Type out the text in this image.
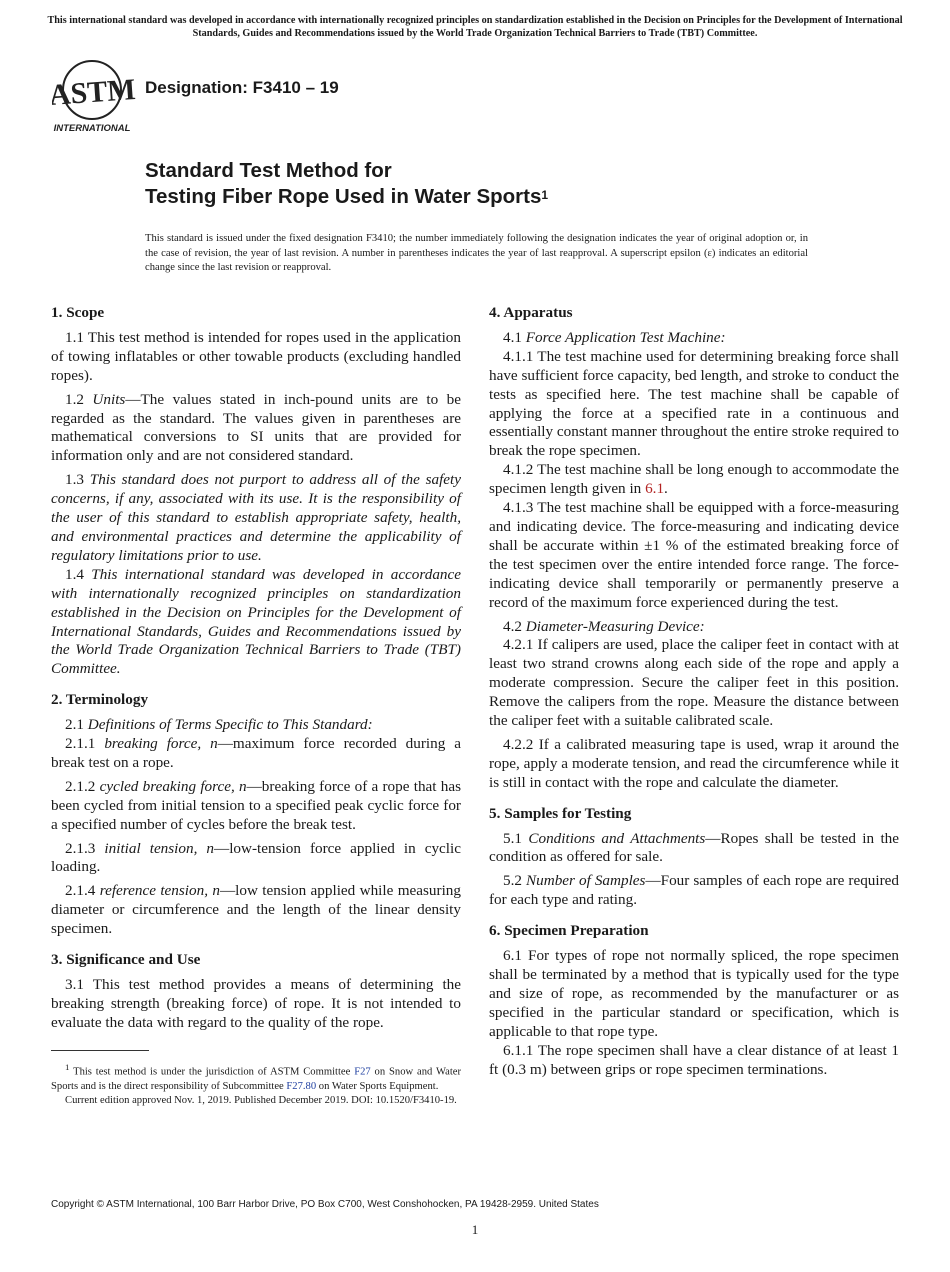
This international standard was developed in accordance with internationally recognized principles on standardization established in the Decision on Principles for the Development of International Standards, Guides and Recommendations issued by the World Trade Organization Technical Barriers to Trade (TBT) Committee.
ASTM
INTERNATIONAL
Designation: F3410 – 19
Standard Test Method for
Testing Fiber Rope Used in Water Sports$^1$
This standard is issued under the fixed designation F3410; the number immediately following the designation indicates the year of original adoption or, in the case of revision, the year of last revision. A number in parentheses indicates the year of last reapproval. A superscript epsilon (ε) indicates an editorial change since the last revision or reapproval.
1. Scope

1.1 This test method is intended for ropes used in the application of towing inflatables or other towable products (excluding handled ropes).

1.2 Units—The values stated in inch-pound units are to be regarded as the standard. The values given in parentheses are mathematical conversions to SI units that are provided for information only and are not considered standard.

1.3 This standard does not purport to address all of the safety concerns, if any, associated with its use. It is the responsibility of the user of this standard to establish appropriate safety, health, and environmental practices and determine the applicability of regulatory limitations prior to use.

1.4 This international standard was developed in accordance with internationally recognized principles on standardization established in the Decision on Principles for the Development of International Standards, Guides and Recommendations issued by the World Trade Organization Technical Barriers to Trade (TBT) Committee.

2. Terminology

2.1 Definitions of Terms Specific to This Standard:

2.1.1 breaking force, n—maximum force recorded during a break test on a rope.

2.1.2 cycled breaking force, n—breaking force of a rope that has been cycled from initial tension to a specified peak cyclic force for a specified number of cycles before the break test.

2.1.3 initial tension, n—low-tension force applied in cyclic loading.

2.1.4 reference tension, n—low tension applied while measuring diameter or circumference and the length of the linear density specimen.

3. Significance and Use

3.1 This test method provides a means of determining the breaking strength (breaking force) of rope. It is not intended to evaluate the data with regard to the quality of the rope.

4. Apparatus

4.1 Force Application Test Machine:

4.1.1 The test machine used for determining breaking force shall have sufficient force capacity, bed length, and stroke to conduct the tests as specified here. The test machine shall be capable of applying the force at a specified rate in a continuous and essentially constant manner throughout the entire stroke required to break the rope specimen.

4.1.2 The test machine shall be long enough to accommodate the specimen length given in 6.1.

4.1.3 The test machine shall be equipped with a force-measuring and indicating device. The force-measuring and indicating device shall be accurate within ±1 % of the estimated breaking force of the test specimen over the entire intended force range. The force-indicating device shall temporarily or permanently preserve a record of the maximum force experienced during the test.

4.2 Diameter-Measuring Device:

4.2.1 If calipers are used, place the caliper feet in contact with at least two strand crowns along each side of the rope and apply a moderate compression. Secure the caliper feet in this position. Remove the calipers from the rope. Measure the distance between the caliper feet with a suitable calibrated scale.

4.2.2 If a calibrated measuring tape is used, wrap it around the rope, apply a moderate tension, and read the circumference while it is still in contact with the rope and calculate the diameter.

5. Samples for Testing

5.1 Conditions and Attachments—Ropes shall be tested in the condition as offered for sale.

5.2 Number of Samples—Four samples of each rope are required for each type and rating.

6. Specimen Preparation

6.1 For types of rope not normally spliced, the rope specimen shall be terminated by a method that is typically used for the type and size of rope, as recommended by the manufacturer or as specified in the particular standard or specification, which is applicable to that rope type.

6.1.1 The rope specimen shall have a clear distance of at least 1 ft (0.3 m) between grips or rope specimen terminations.

$^1$ This test method is under the jurisdiction of ASTM Committee F27 on Snow and Water Sports and is the direct responsibility of Subcommittee F27.80 on Water Sports Equipment.

Current edition approved Nov. 1, 2019. Published December 2019. DOI: 10.1520/F3410-19.

Copyright © ASTM International, 100 Barr Harbor Drive, PO Box C700, West Conshohocken, PA 19428-2959. United States
1
